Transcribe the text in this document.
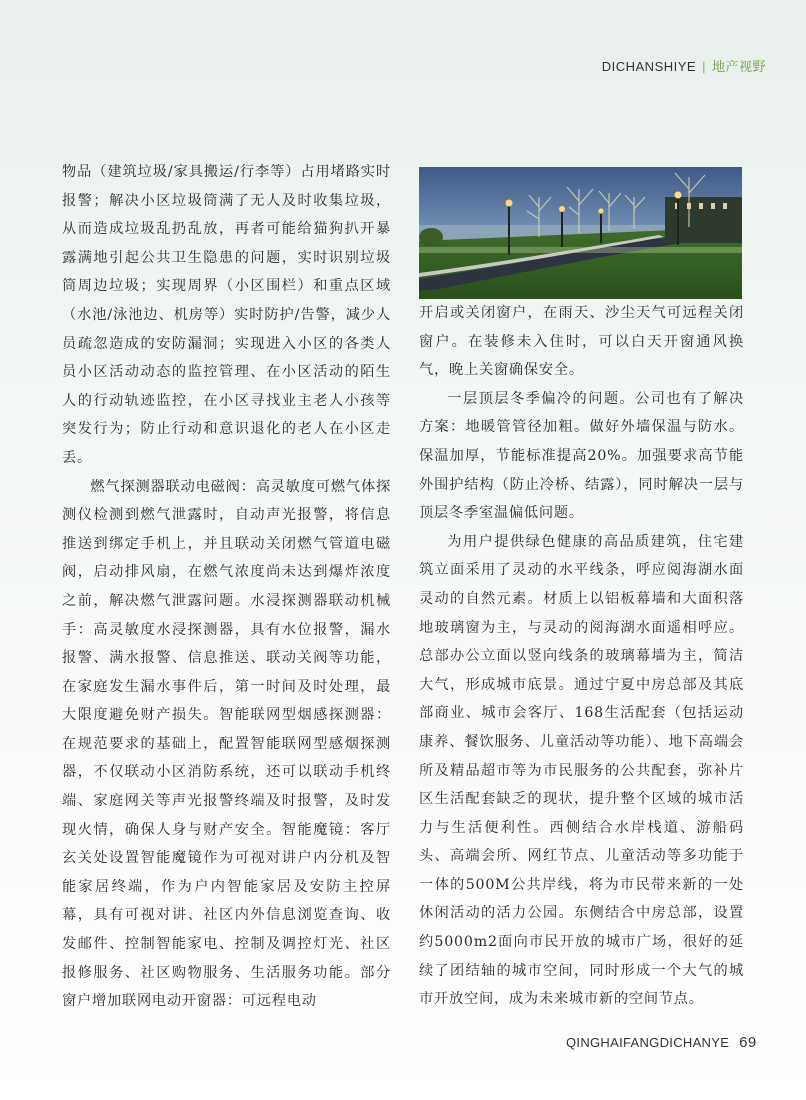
DICHANSHIYE | 地产视野

物品（建筑垃圾/家具搬运/行李等）占用堵路实时报警；解决小区垃圾筒满了无人及时收集垃圾，从而造成垃圾乱扔乱放，再者可能给猫狗扒开暴露满地引起公共卫生隐患的问题，实时识别垃圾筒周边垃圾；实现周界（小区围栏）和重点区域（水池/泳池边、机房等）实时防护/告警，减少人员疏忽造成的安防漏洞；实现进入小区的各类人员小区活动动态的监控管理、在小区活动的陌生人的行动轨迹监控，在小区寻找业主老人小孩等突发行为；防止行动和意识退化的老人在小区走丢。

燃气探测器联动电磁阀：高灵敏度可燃气体探测仪检测到燃气泄露时，自动声光报警，将信息推送到绑定手机上，并且联动关闭燃气管道电磁阀，启动排风扇，在燃气浓度尚未达到爆炸浓度之前，解决燃气泄露问题。水浸探测器联动机械手：高灵敏度水浸探测器，具有水位报警，漏水报警、满水报警、信息推送、联动关阀等功能，在家庭发生漏水事件后，第一时间及时处理，最大限度避免财产损失。智能联网型烟感探测器：在规范要求的基础上，配置智能联网型感烟探测器，不仅联动小区消防系统，还可以联动手机终端、家庭网关等声光报警终端及时报警，及时发现火情，确保人身与财产安全。智能魔镜：客厅玄关处设置智能魔镜作为可视对讲户内分机及智能家居终端，作为户内智能家居及安防主控屏幕，具有可视对讲、社区内外信息浏览查询、收发邮件、控制智能家电、控制及调控灯光、社区报修服务、社区购物服务、生活服务功能。部分窗户增加联网电动开窗器：可远程电动

开启或关闭窗户，在雨天、沙尘天气可远程关闭窗户。在装修未入住时，可以白天开窗通风换气，晚上关窗确保安全。

一层顶层冬季偏冷的问题。公司也有了解决方案：地暖管管径加粗。做好外墙保温与防水。保温加厚，节能标准提高20%。加强要求高节能外围护结构（防止冷桥、结露），同时解决一层与顶层冬季室温偏低问题。

为用户提供绿色健康的高品质建筑，住宅建筑立面采用了灵动的水平线条，呼应阅海湖水面灵动的自然元素。材质上以铝板幕墙和大面积落地玻璃窗为主，与灵动的阅海湖水面遥相呼应。总部办公立面以竖向线条的玻璃幕墙为主，简洁大气，形成城市底景。通过宁夏中房总部及其底部商业、城市会客厅、168生活配套（包括运动康养、餐饮服务、儿童活动等功能）、地下高端会所及精品超市等为市民服务的公共配套，弥补片区生活配套缺乏的现状，提升整个区域的城市活力与生活便利性。西侧结合水岸栈道、游船码头、高端会所、网红节点、儿童活动等多功能于一体的500M公共岸线，将为市民带来新的一处休闲活动的活力公园。东侧结合中房总部，设置约5000m2面向市民开放的城市广场，很好的延续了团结轴的城市空间，同时形成一个大气的城市开放空间，成为未来城市新的空间节点。

QINGHAIFANGDICHANYE 69
